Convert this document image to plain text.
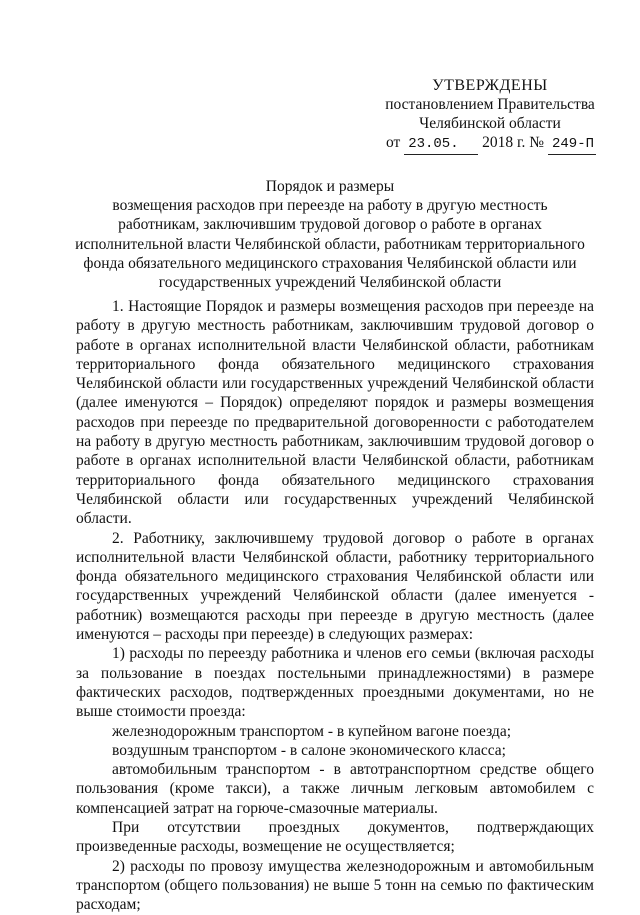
УТВЕРЖДЕНЫ
постановлением Правительства
Челябинской области
от 23.05. 2018 г. № 249-П
Порядок и размеры
возмещения расходов при переезде на работу в другую местность
работникам, заключившим трудовой договор о работе в органах
исполнительной власти Челябинской области, работникам территориального
фонда обязательного медицинского страхования Челябинской области или
государственных учреждений Челябинской области

1. Настоящие Порядок и размеры возмещения расходов при переезде на работу в другую местность работникам, заключившим трудовой договор о работе в органах исполнительной власти Челябинской области, работникам территориального фонда обязательного медицинского страхования Челябинской области или государственных учреждений Челябинской области (далее именуются – Порядок) определяют порядок и размеры возмещения расходов при переезде по предварительной договоренности с работодателем на работу в другую местность работникам, заключившим трудовой договор о работе в органах исполнительной власти Челябинской области, работникам территориального фонда обязательного медицинского страхования Челябинской области или государственных учреждений Челябинской области.

2. Работнику, заключившему трудовой договор о работе в органах исполнительной власти Челябинской области, работнику территориального фонда обязательного медицинского страхования Челябинской области или государственных учреждений Челябинской области (далее именуется - работник) возмещаются расходы при переезде в другую местность (далее именуются – расходы при переезде) в следующих размерах:

1) расходы по переезду работника и членов его семьи (включая расходы за пользование в поездах постельными принадлежностями) в размере фактических расходов, подтвержденных проездными документами, но не выше стоимости проезда:

железнодорожным транспортом - в купейном вагоне поезда;

воздушным транспортом - в салоне экономического класса;

автомобильным транспортом - в автотранспортном средстве общего пользования (кроме такси), а также личным легковым автомобилем с компенсацией затрат на горюче-смазочные материалы.

При отсутствии проездных документов, подтверждающих произведенные расходы, возмещение не осуществляется;

2) расходы по провозу имущества железнодорожным и автомобильным транспортом (общего пользования) не выше 5 тонн на семью по фактическим расходам;
